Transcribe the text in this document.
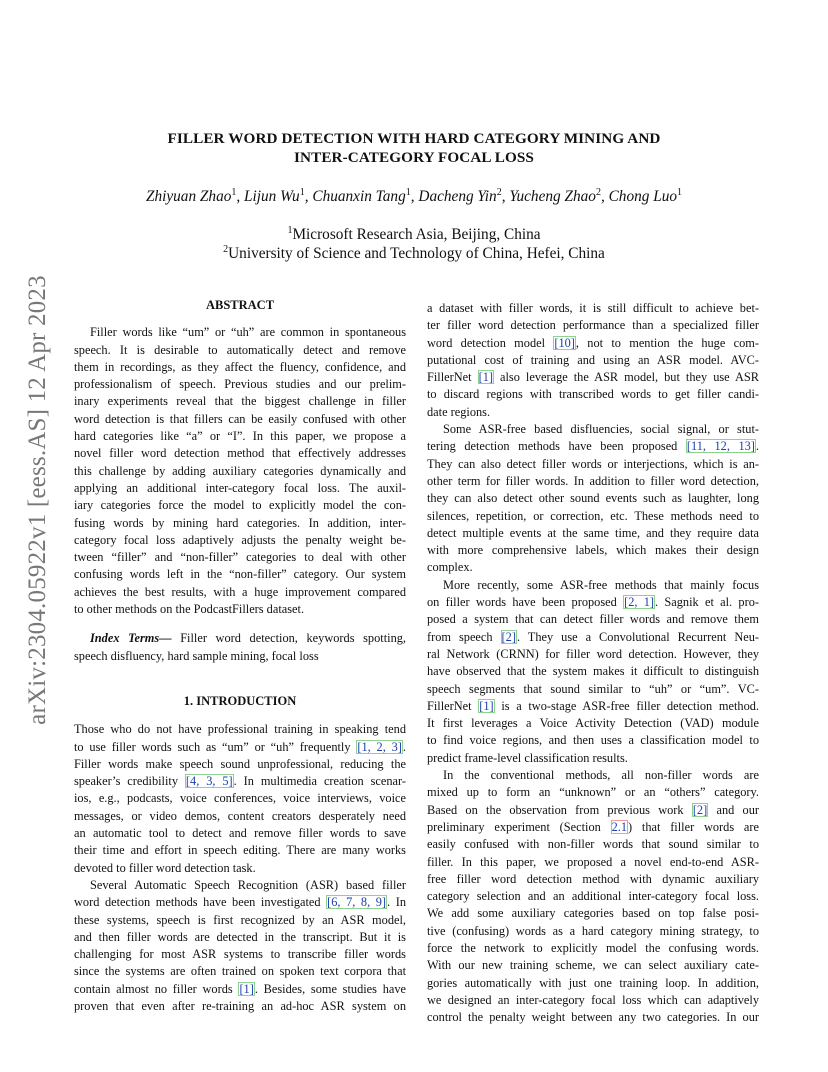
arXiv:2304.05922v1 [eess.AS] 12 Apr 2023
FILLER WORD DETECTION WITH HARD CATEGORY MINING AND
INTER-CATEGORY FOCAL LOSS
Zhiyuan Zhao$^1$, Lijun Wu$^1$, Chuanxin Tang$^1$, Dacheng Yin$^2$, Yucheng Zhao$^2$, Chong Luo$^1$
$^1$Microsoft Research Asia, Beijing, China
$^2$University of Science and Technology of China, Hefei, China
ABSTRACT
Filler words like “um” or “uh” are common in spontaneous
speech. It is desirable to automatically detect and remove
them in recordings, as they affect the fluency, confidence, and
professionalism of speech. Previous studies and our prelim-
inary experiments reveal that the biggest challenge in filler
word detection is that fillers can be easily confused with other
hard categories like “a” or “I”. In this paper, we propose a
novel filler word detection method that effectively addresses
this challenge by adding auxiliary categories dynamically and
applying an additional inter-category focal loss. The auxil-
iary categories force the model to explicitly model the con-
fusing words by mining hard categories. In addition, inter-
category focal loss adaptively adjusts the penalty weight be-
tween “filler” and “non-filler” categories to deal with other
confusing words left in the “non-filler” category. Our system
achieves the best results, with a huge improvement compared
to other methods on the PodcastFillers dataset.
Index Terms— Filler word detection, keywords spotting,
speech disfluency, hard sample mining, focal loss
1. INTRODUCTION
Those who do not have professional training in speaking tend
to use filler words such as “um” or “uh” frequently [1, 2, 3].
Filler words make speech sound unprofessional, reducing the
speaker’s credibility [4, 3, 5]. In multimedia creation scenar-
ios, e.g., podcasts, voice conferences, voice interviews, voice
messages, or video demos, content creators desperately need
an automatic tool to detect and remove filler words to save
their time and effort in speech editing. There are many works
devoted to filler word detection task.
Several Automatic Speech Recognition (ASR) based filler
word detection methods have been investigated [6, 7, 8, 9]. In
these systems, speech is first recognized by an ASR model,
and then filler words are detected in the transcript. But it is
challenging for most ASR systems to transcribe filler words
since the systems are often trained on spoken text corpora that
contain almost no filler words [1]. Besides, some studies have
proven that even after re-training an ad-hoc ASR system on
a dataset with filler words, it is still difficult to achieve bet-
ter filler word detection performance than a specialized filler
word detection model [10], not to mention the huge com-
putational cost of training and using an ASR model. AVC-
FillerNet [1] also leverage the ASR model, but they use ASR
to discard regions with transcribed words to get filler candi-
date regions.
Some ASR-free based disfluencies, social signal, or stut-
tering detection methods have been proposed [11, 12, 13].
They can also detect filler words or interjections, which is an-
other term for filler words. In addition to filler word detection,
they can also detect other sound events such as laughter, long
silences, repetition, or correction, etc. These methods need to
detect multiple events at the same time, and they require data
with more comprehensive labels, which makes their design
complex.
More recently, some ASR-free methods that mainly focus
on filler words have been proposed [2, 1]. Sagnik et al. pro-
posed a system that can detect filler words and remove them
from speech [2]. They use a Convolutional Recurrent Neu-
ral Network (CRNN) for filler word detection. However, they
have observed that the system makes it difficult to distinguish
speech segments that sound similar to “uh” or “um”. VC-
FillerNet [1] is a two-stage ASR-free filler detection method.
It first leverages a Voice Activity Detection (VAD) module
to find voice regions, and then uses a classification model to
predict frame-level classification results.
In the conventional methods, all non-filler words are
mixed up to form an “unknown” or an “others” category.
Based on the observation from previous work [2] and our
preliminary experiment (Section 2.1) that filler words are
easily confused with non-filler words that sound similar to
filler. In this paper, we proposed a novel end-to-end ASR-
free filler word detection method with dynamic auxiliary
category selection and an additional inter-category focal loss.
We add some auxiliary categories based on top false posi-
tive (confusing) words as a hard category mining strategy, to
force the network to explicitly model the confusing words.
With our new training scheme, we can select auxiliary cate-
gories automatically with just one training loop. In addition,
we designed an inter-category focal loss which can adaptively
control the penalty weight between any two categories. In our
